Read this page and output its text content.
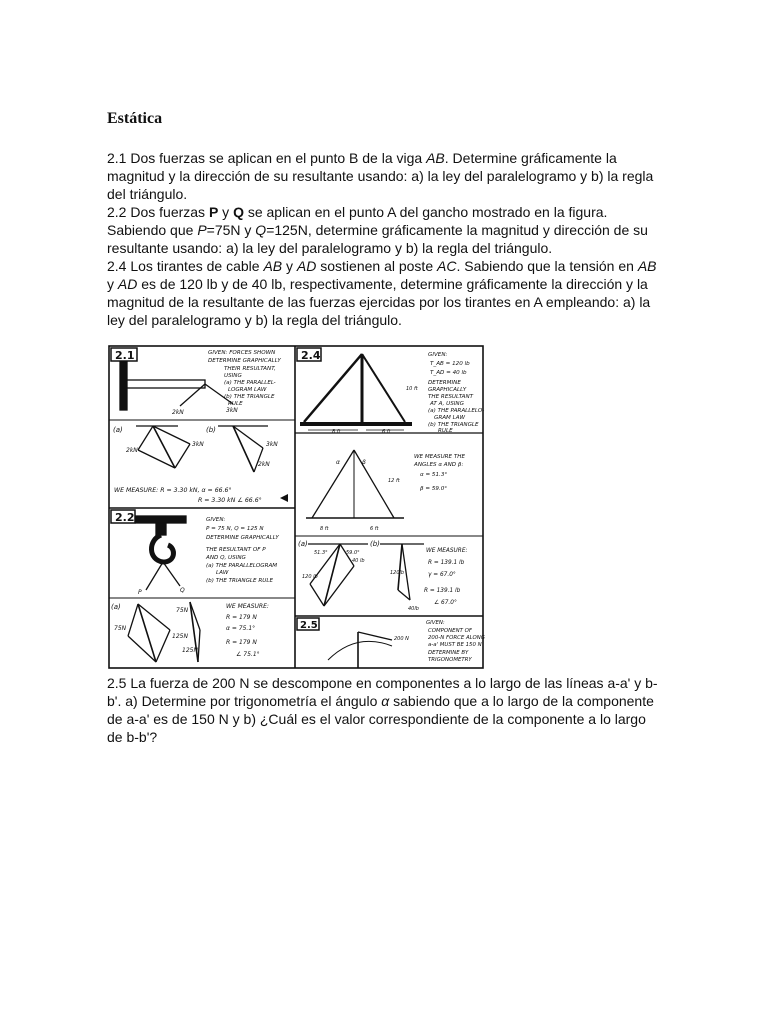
Estática
2.1 Dos fuerzas se aplican en el punto B de la viga AB. Determine gráficamente la magnitud y la dirección de su resultante usando: a) la ley del paralelogramo y b) la regla del triángulo.
2.2 Dos fuerzas P y Q se aplican en el punto A del gancho mostrado en la figura. Sabiendo que P=75N y Q=125N, determine gráficamente la magnitud y dirección de su resultante usando: a) la ley del paralelogramo y b) la regla del triángulo.
2.4 Los tirantes de cable AB y AD sostienen al poste AC. Sabiendo que la tensión en AB y AD es de 120 lb y de 40 lb, respectivamente, determine gráficamente la dirección y la magnitud de la resultante de las fuerzas ejercidas por los tirantes en A empleando: a) la ley del paralelogramo y b) la regla del triángulo.
2.1
2kN	3kN
GIVEN: FORCES SHOWN
DETERMINE GRAPHICALLY
THEIR RESULTANT,
USING
(a) THE PARALLEL-
LOGRAM LAW
(b) THE TRIANGLE
RULE
(a)
2kN
3kN
(b)
3kN
2kN
WE MEASURE: R = 3.30 kN, α = 66.6°
R = 3.30 kN ∠ 66.6°
2.2
P	Q
GIVEN:
P = 75 N, Q = 125 N
DETERMINE GRAPHICALLY
THE RESULTANT OF P
AND Q, USING
(a) THE PARALLELOGRAM
LAW
(b) THE TRIANGLE RULE
(a)
75N
125N
75N
125N
WE MEASURE:
R = 179 N
α = 75.1°
R = 179 N
∠ 75.1°
2.4
8 ft	6 ft
10 ft
GIVEN:
T_AB = 120 lb
T_AD = 40 lb
DETERMINE
GRAPHICALLY
THE RESULTANT
AT A, USING
(a) THE PARALLELO-
GRAM LAW
(b) THE TRIANGLE
RULE
α	β
8 ft	6 ft
12 ft
WE MEASURE THE
ANGLES α AND β:
α = 51.3°
β = 59.0°
(a)
51.3°	59.0°
120 lb
40 lb
(b)
120lb
40lb
WE MEASURE:
R = 139.1 lb
γ = 67.0°
R = 139.1 lb
∠ 67.0°
2.5
200 N
GIVEN:
COMPONENT OF
200-N FORCE ALONG
a-a' MUST BE 150 N
DETERMINE BY
TRIGONOMETRY
2.5 La fuerza de 200 N se descompone en componentes a lo largo de las líneas a-a' y b-b'. a) Determine por trigonometría el ángulo α sabiendo que a lo largo de la componente de a-a' es de 150 N y b) ¿Cuál es el valor correspondiente de la componente a lo largo de b-b'?
